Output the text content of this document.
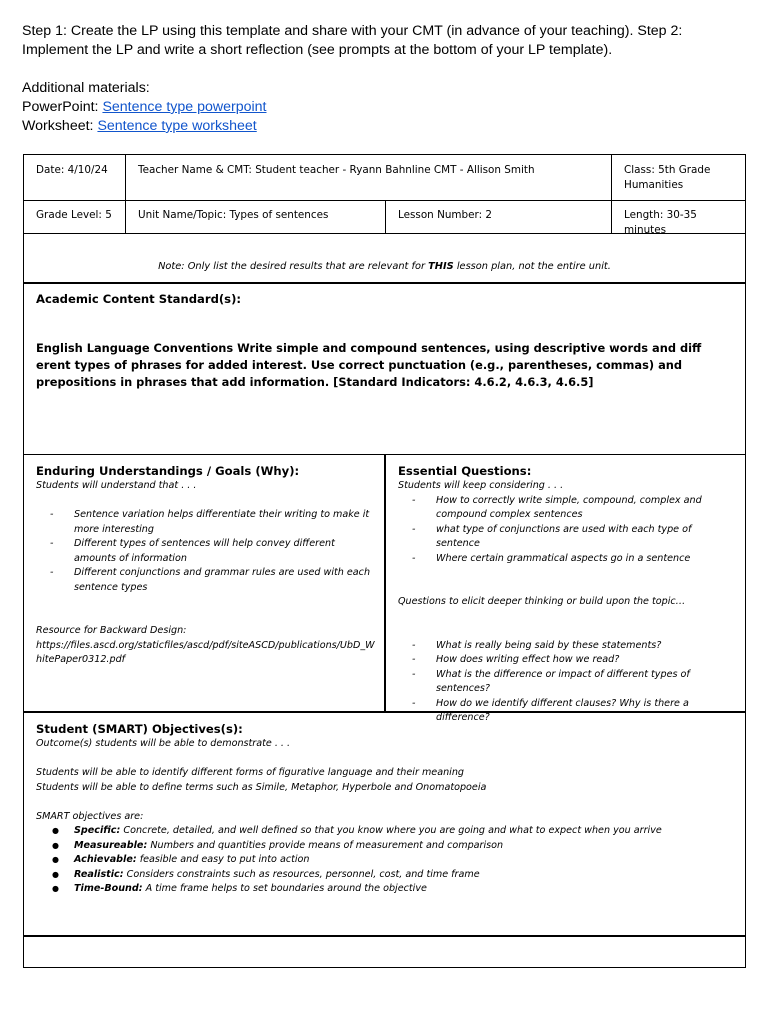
Step 1: Create the LP using this template and share with your CMT (in advance of your teaching). Step 2: Implement the LP and write a short reflection (see prompts at the bottom of your LP template).

Additional materials:

PowerPoint: Sentence type powerpoint

Worksheet: Sentence type worksheet

Date: 4/10/24	Teacher Name & CMT: Student teacher - Ryann Bahnline CMT - Allison Smith	Class: 5th Grade Humanities
Grade Level: 5	Unit Name/Topic: Types of sentences	Lesson Number: 2	Length: 30-35 minutes
Note: Only list the desired results that are relevant for THIS lesson plan, not the entire unit.
Academic Content Standard(s):
English Language Conventions Write simple and compound sentences, using descriptive words and diff erent types of phrases for added interest. Use correct punctuation (e.g., parentheses, commas) and prepositions in phrases that add information. [Standard Indicators: 4.6.2, 4.6.3, 4.6.5]
Enduring Understandings / Goals (Why):
Students will understand that . . .
- Sentence variation helps differentiate their writing to make it more interesting
- Different types of sentences will help convey different amounts of information
- Different conjunctions and grammar rules are used with each sentence types
Resource for Backward Design:
https://files.ascd.org/staticfiles/ascd/pdf/siteASCD/publications/UbD_WhitePaper0312.pdf
Essential Questions:
Students will keep considering . . .
- How to correctly write simple, compound, complex and compound complex sentences
- what type of conjunctions are used with each type of sentence
- Where certain grammatical aspects go in a sentence
Questions to elicit deeper thinking or build upon the topic…
- What is really being said by these statements?
- How does writing effect how we read?
- What is the difference or impact of different types of sentences?
- How do we identify different clauses? Why is there a difference?
Student (SMART) Objectives(s):
Outcome(s) students will be able to demonstrate . . .
Students will be able to identify different forms of figurative language and their meaning
Students will be able to define terms such as Simile, Metaphor, Hyperbole and Onomatopoeia
SMART objectives are:
● Specific: Concrete, detailed, and well defined so that you know where you are going and what to expect when you arrive
● Measureable: Numbers and quantities provide means of measurement and comparison
● Achievable: feasible and easy to put into action
● Realistic: Considers constraints such as resources, personnel, cost, and time frame
● Time-Bound: A time frame helps to set boundaries around the objective
